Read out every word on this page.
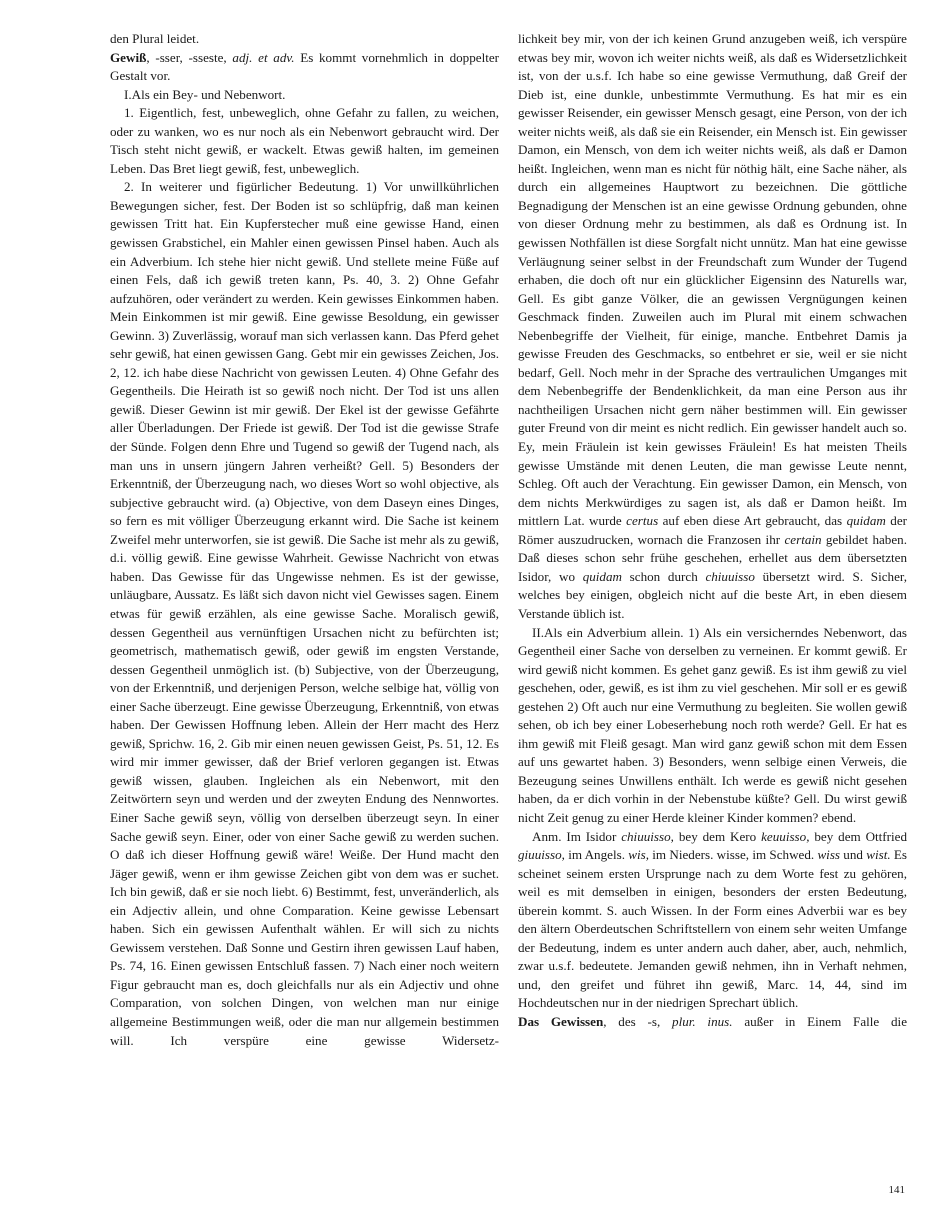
den Plural leidet.

Gewiß, -sser, -sseste, adj. et adv. Es kommt vornehmlich in doppelter Gestalt vor.

I.Als ein Bey- und Nebenwort.

1. Eigentlich, fest, unbeweglich, ohne Gefahr zu fallen, zu weichen, oder zu wanken, wo es nur noch als ein Nebenwort gebraucht wird. Der Tisch steht nicht gewiß, er wackelt. Etwas gewiß halten, im gemeinen Leben. Das Bret liegt gewiß, fest, unbeweglich.

2. In weiterer und figürlicher Bedeutung. 1) Vor unwillkührlichen Bewegungen sicher, fest. Der Boden ist so schlüpfrig, daß man keinen gewissen Tritt hat. Ein Kupferstecher muß eine gewisse Hand, einen gewissen Grabstichel, ein Mahler einen gewissen Pinsel haben. Auch als ein Adverbium. Ich stehe hier nicht gewiß. Und stellete meine Füße auf einen Fels, daß ich gewiß treten kann, Ps. 40, 3. 2) Ohne Gefahr aufzuhören, oder verändert zu werden. Kein gewisses Einkommen haben. Mein Einkommen ist mir gewiß. Eine gewisse Besoldung, ein gewisser Gewinn. 3) Zuverlässig, worauf man sich verlassen kann. Das Pferd gehet sehr gewiß, hat einen gewissen Gang. Gebt mir ein gewisses Zeichen, Jos. 2, 12. ich habe diese Nachricht von gewissen Leuten. 4) Ohne Gefahr des Gegentheils. Die Heirath ist so gewiß noch nicht. Der Tod ist uns allen gewiß. Dieser Gewinn ist mir gewiß. Der Ekel ist der gewisse Gefährte aller Überladungen. Der Friede ist gewiß. Der Tod ist die gewisse Strafe der Sünde. Folgen denn Ehre und Tugend so gewiß der Tugend nach, als man uns in unsern jüngern Jahren verheißt? Gell. 5) Besonders der Erkenntniß, der Überzeugung nach, wo dieses Wort so wohl objective, als subjective gebraucht wird. (a) Objective, von dem Daseyn eines Dinges, so fern es mit völliger Überzeugung erkannt wird. Die Sache ist keinem Zweifel mehr unterworfen, sie ist gewiß. Die Sache ist mehr als zu gewiß, d.i. völlig gewiß. Eine gewisse Wahrheit. Gewisse Nachricht von etwas haben. Das Gewisse für das Ungewisse nehmen. Es ist der gewisse, unläugbare, Aussatz. Es läßt sich davon nicht viel Gewisses sagen. Einem etwas für gewiß erzählen, als eine gewisse Sache. Moralisch gewiß, dessen Gegentheil aus vernünftigen Ursachen nicht zu befürchten ist; geometrisch, mathematisch gewiß, oder gewiß im engsten Verstande, dessen Gegentheil unmöglich ist. (b) Subjective, von der Überzeugung, von der Erkenntniß, und derjenigen Person, welche selbige hat, völlig von einer Sache überzeugt. Eine gewisse Überzeugung, Erkenntniß, von etwas haben. Der Gewissen Hoffnung leben. Allein der Herr macht des Herz gewiß, Sprichw. 16, 2. Gib mir einen neuen gewissen Geist, Ps. 51, 12. Es wird mir immer gewisser, daß der Brief verloren gegangen ist. Etwas gewiß wissen, glauben. Ingleichen als ein Nebenwort, mit den Zeitwörtern seyn und werden und der zweyten Endung des Nennwortes. Einer Sache gewiß seyn, völlig von derselben überzeugt seyn. In einer Sache gewiß seyn. Einer, oder von einer Sache gewiß zu werden suchen. O daß ich dieser Hoffnung gewiß wäre! Weiße. Der Hund macht den Jäger gewiß, wenn er ihm gewisse Zeichen gibt von dem was er suchet. Ich bin gewiß, daß er sie noch liebt. 6) Bestimmt, fest, unveränderlich, als ein Adjectiv allein, und ohne Comparation. Keine gewisse Lebensart haben. Sich ein gewissen Aufenthalt wählen. Er will sich zu nichts Gewissem verstehen. Daß Sonne und Gestirn ihren gewissen Lauf haben, Ps. 74, 16. Einen gewissen Entschluß fassen. 7) Nach einer noch weitern Figur gebraucht man es, doch gleichfalls nur als ein Adjectiv und ohne Comparation, von solchen Dingen, von welchen man nur einige allgemeine Bestimmungen weiß, oder die man nur allgemein bestimmen will. Ich verspüre eine gewisse Widersetz-

lichkeit bey mir, von der ich keinen Grund anzugeben weiß, ich verspüre etwas bey mir, wovon ich weiter nichts weiß, als daß es Widersetzlichkeit ist, von der u.s.f. Ich habe so eine gewisse Vermuthung, daß Greif der Dieb ist, eine dunkle, unbestimmte Vermuthung. Es hat mir es ein gewisser Reisender, ein gewisser Mensch gesagt, eine Person, von der ich weiter nichts weiß, als daß sie ein Reisender, ein Mensch ist. Ein gewisser Damon, ein Mensch, von dem ich weiter nichts weiß, als daß er Damon heißt. Ingleichen, wenn man es nicht für nöthig hält, eine Sache näher, als durch ein allgemeines Hauptwort zu bezeichnen. Die göttliche Begnadigung der Menschen ist an eine gewisse Ordnung gebunden, ohne von dieser Ordnung mehr zu bestimmen, als daß es Ordnung ist. In gewissen Nothfällen ist diese Sorgfalt nicht unnütz. Man hat eine gewisse Verläugnung seiner selbst in der Freundschaft zum Wunder der Tugend erhaben, die doch oft nur ein glücklicher Eigensinn des Naturells war, Gell. Es gibt ganze Völker, die an gewissen Vergnügungen keinen Geschmack finden. Zuweilen auch im Plural mit einem schwachen Nebenbegriffe der Vielheit, für einige, manche. Entbehret Damis ja gewisse Freuden des Geschmacks, so entbehret er sie, weil er sie nicht bedarf, Gell. Noch mehr in der Sprache des vertraulichen Umganges mit dem Nebenbegriffe der Bendenklichkeit, da man eine Person aus ihr nachtheiligen Ursachen nicht gern näher bestimmen will. Ein gewisser guter Freund von dir meint es nicht redlich. Ein gewisser handelt auch so. Ey, mein Fräulein ist kein gewisses Fräulein! Es hat meisten Theils gewisse Umstände mit denen Leuten, die man gewisse Leute nennt, Schleg. Oft auch der Verachtung. Ein gewisser Damon, ein Mensch, von dem nichts Merkwürdiges zu sagen ist, als daß er Damon heißt. Im mittlern Lat. wurde certus auf eben diese Art gebraucht, das quidam der Römer auszudrucken, wornach die Franzosen ihr certain gebildet haben. Daß dieses schon sehr frühe geschehen, erhellet aus dem übersetzten Isidor, wo quidam schon durch chiuuisso übersetzt wird. S. Sicher, welches bey einigen, obgleich nicht auf die beste Art, in eben diesem Verstande üblich ist.

II.Als ein Adverbium allein. 1) Als ein versicherndes Nebenwort, das Gegentheil einer Sache von derselben zu verneinen. Er kommt gewiß. Er wird gewiß nicht kommen. Es gehet ganz gewiß. Es ist ihm gewiß zu viel geschehen, oder, gewiß, es ist ihm zu viel geschehen. Mir soll er es gewiß gestehen 2) Oft auch nur eine Vermuthung zu begleiten. Sie wollen gewiß sehen, ob ich bey einer Lobeserhebung noch roth werde? Gell. Er hat es ihm gewiß mit Fleiß gesagt. Man wird ganz gewiß schon mit dem Essen auf uns gewartet haben. 3) Besonders, wenn selbige einen Verweis, die Bezeugung seines Unwillens enthält. Ich werde es gewiß nicht gesehen haben, da er dich vorhin in der Nebenstube küßte? Gell. Du wirst gewiß nicht Zeit genug zu einer Herde kleiner Kinder kommen? ebend.

Anm. Im Isidor chiuuisso, bey dem Kero keuuisso, bey dem Ottfried giuuisso, im Angels. wis, im Nieders. wisse, im Schwed. wiss und wist. Es scheinet seinem ersten Ursprunge nach zu dem Worte fest zu gehören, weil es mit demselben in einigen, besonders der ersten Bedeutung, überein kommt. S. auch Wissen. In der Form eines Adverbii war es bey den ältern Oberdeutschen Schriftstellern von einem sehr weiten Umfange der Bedeutung, indem es unter andern auch daher, aber, auch, nehmlich, zwar u.s.f. bedeutete. Jemanden gewiß nehmen, ihn in Verhaft nehmen, und, den greifet und führet ihn gewiß, Marc. 14, 44, sind im Hochdeutschen nur in der niedrigen Sprechart üblich.

Das Gewissen, des -s, plur. inus. außer in Einem Falle die

141
